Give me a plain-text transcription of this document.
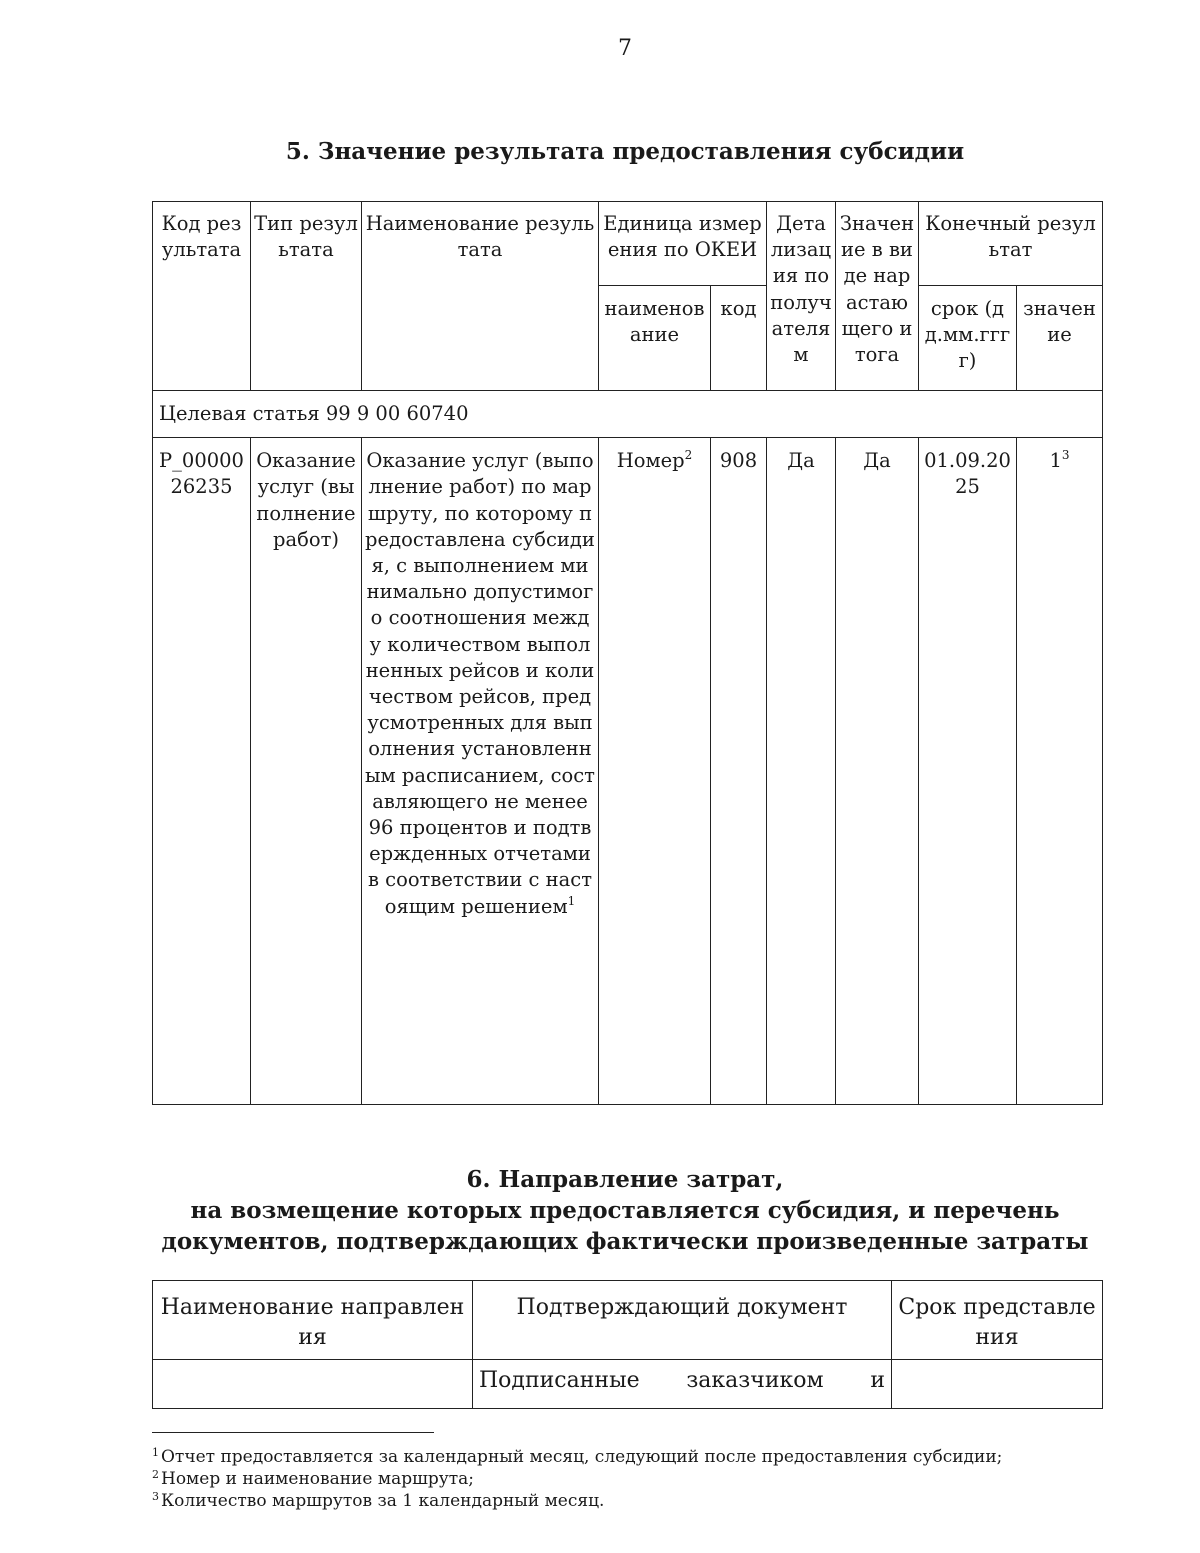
7
5. Значение результата предоставления субсидии
Код результата	Тип результата	Наименование результата	Единица измерения по ОКЕИ		Детализация по получателям	Значение в виде нарастающего итога	Конечный результат	
			наименование	код			срок (дд.мм.гггг)	значение
Целевая статья 99 9 00 60740								
Р_0000026235	Оказание услуг (выполнение работ)	Оказание услуг (выполнение работ) по маршруту, по которому предоставлена субсидия, с выполнением минимально допустимого соотношения между количеством выполненных рейсов и количеством рейсов, предусмотренных для выполнения установленным расписанием, составляющего не менее 96 процентов и подтвержденных отчетами в соответствии с настоящим решением$^1$	Номер$^2$	908	Да	Да	01.09.2025	$1^3$
6. Направление затрат,
на возмещение которых предоставляется субсидия, и перечень
документов, подтверждающих фактически произведенные затраты
Наименование направления	Подтверждающий документ	Срок представления

	Подписанные заказчиком и	

$^1$ Отчет предоставляется за календарный месяц, следующий после предоставления субсидии;
$^2$ Номер и наименование маршрута;
$^3$ Количество маршрутов за 1 календарный месяц.
